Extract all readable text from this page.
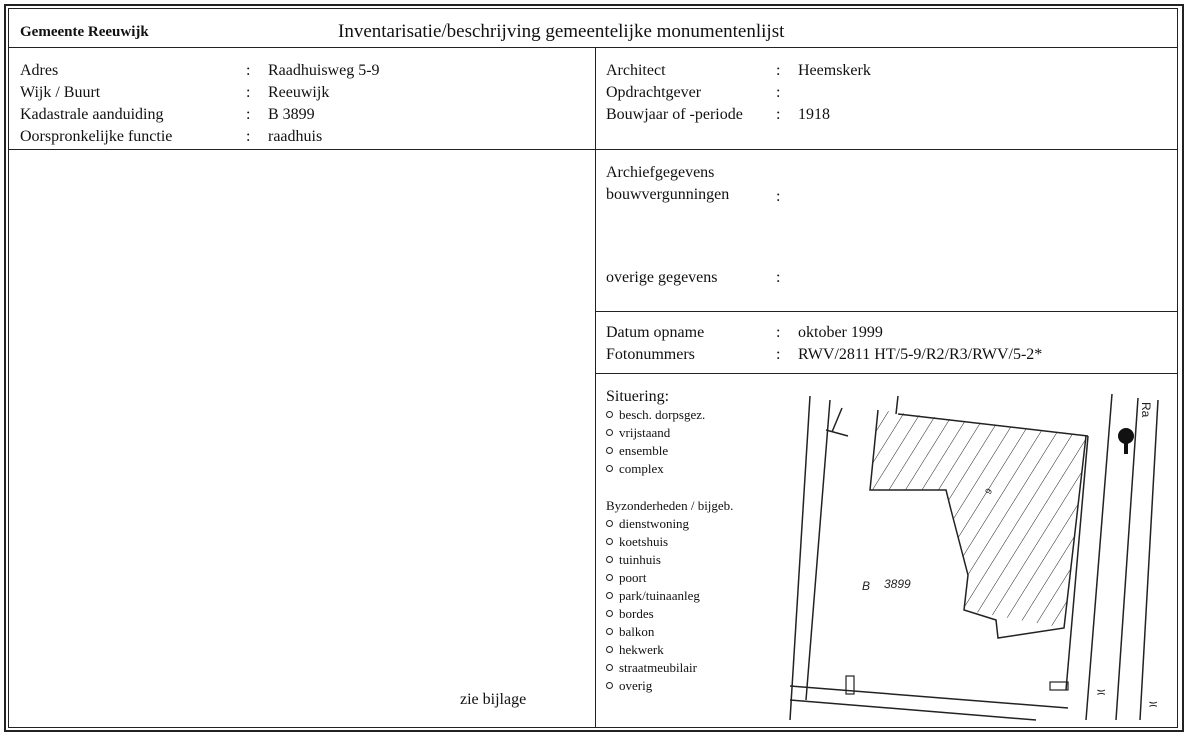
Gemeente Reeuwijk	Inventarisatie/beschrijving gemeentelijke monumentenlijst
Adres	: Raadhuisweg 5-9
Wijk / Buurt	: Reeuwijk
Kadastrale aanduiding	: B 3899
Oorspronkelijke functie	: raadhuis
Architect	: Heemskerk
Opdrachtgever	:
Bouwjaar of -periode : 1918
Archiefgegevens
bouwvergunningen	:
overige gegevens	:
Datum opname	: oktober 1999
Fotonummers	: RWV/2811 HT/5-9/R2/R3/RWV/5-2*
Situering:
besch. dorpsgez.
vrijstaand
ensemble
complex
Byzonderheden / bijgeb.
dienstwoning
koetshuis
tuinhuis
poort
park/tuinaanleg
bordes
balkon
hekwerk
straatmeubilair
overig
zie bijlage
B 3899
9
Ra
≍
≍
